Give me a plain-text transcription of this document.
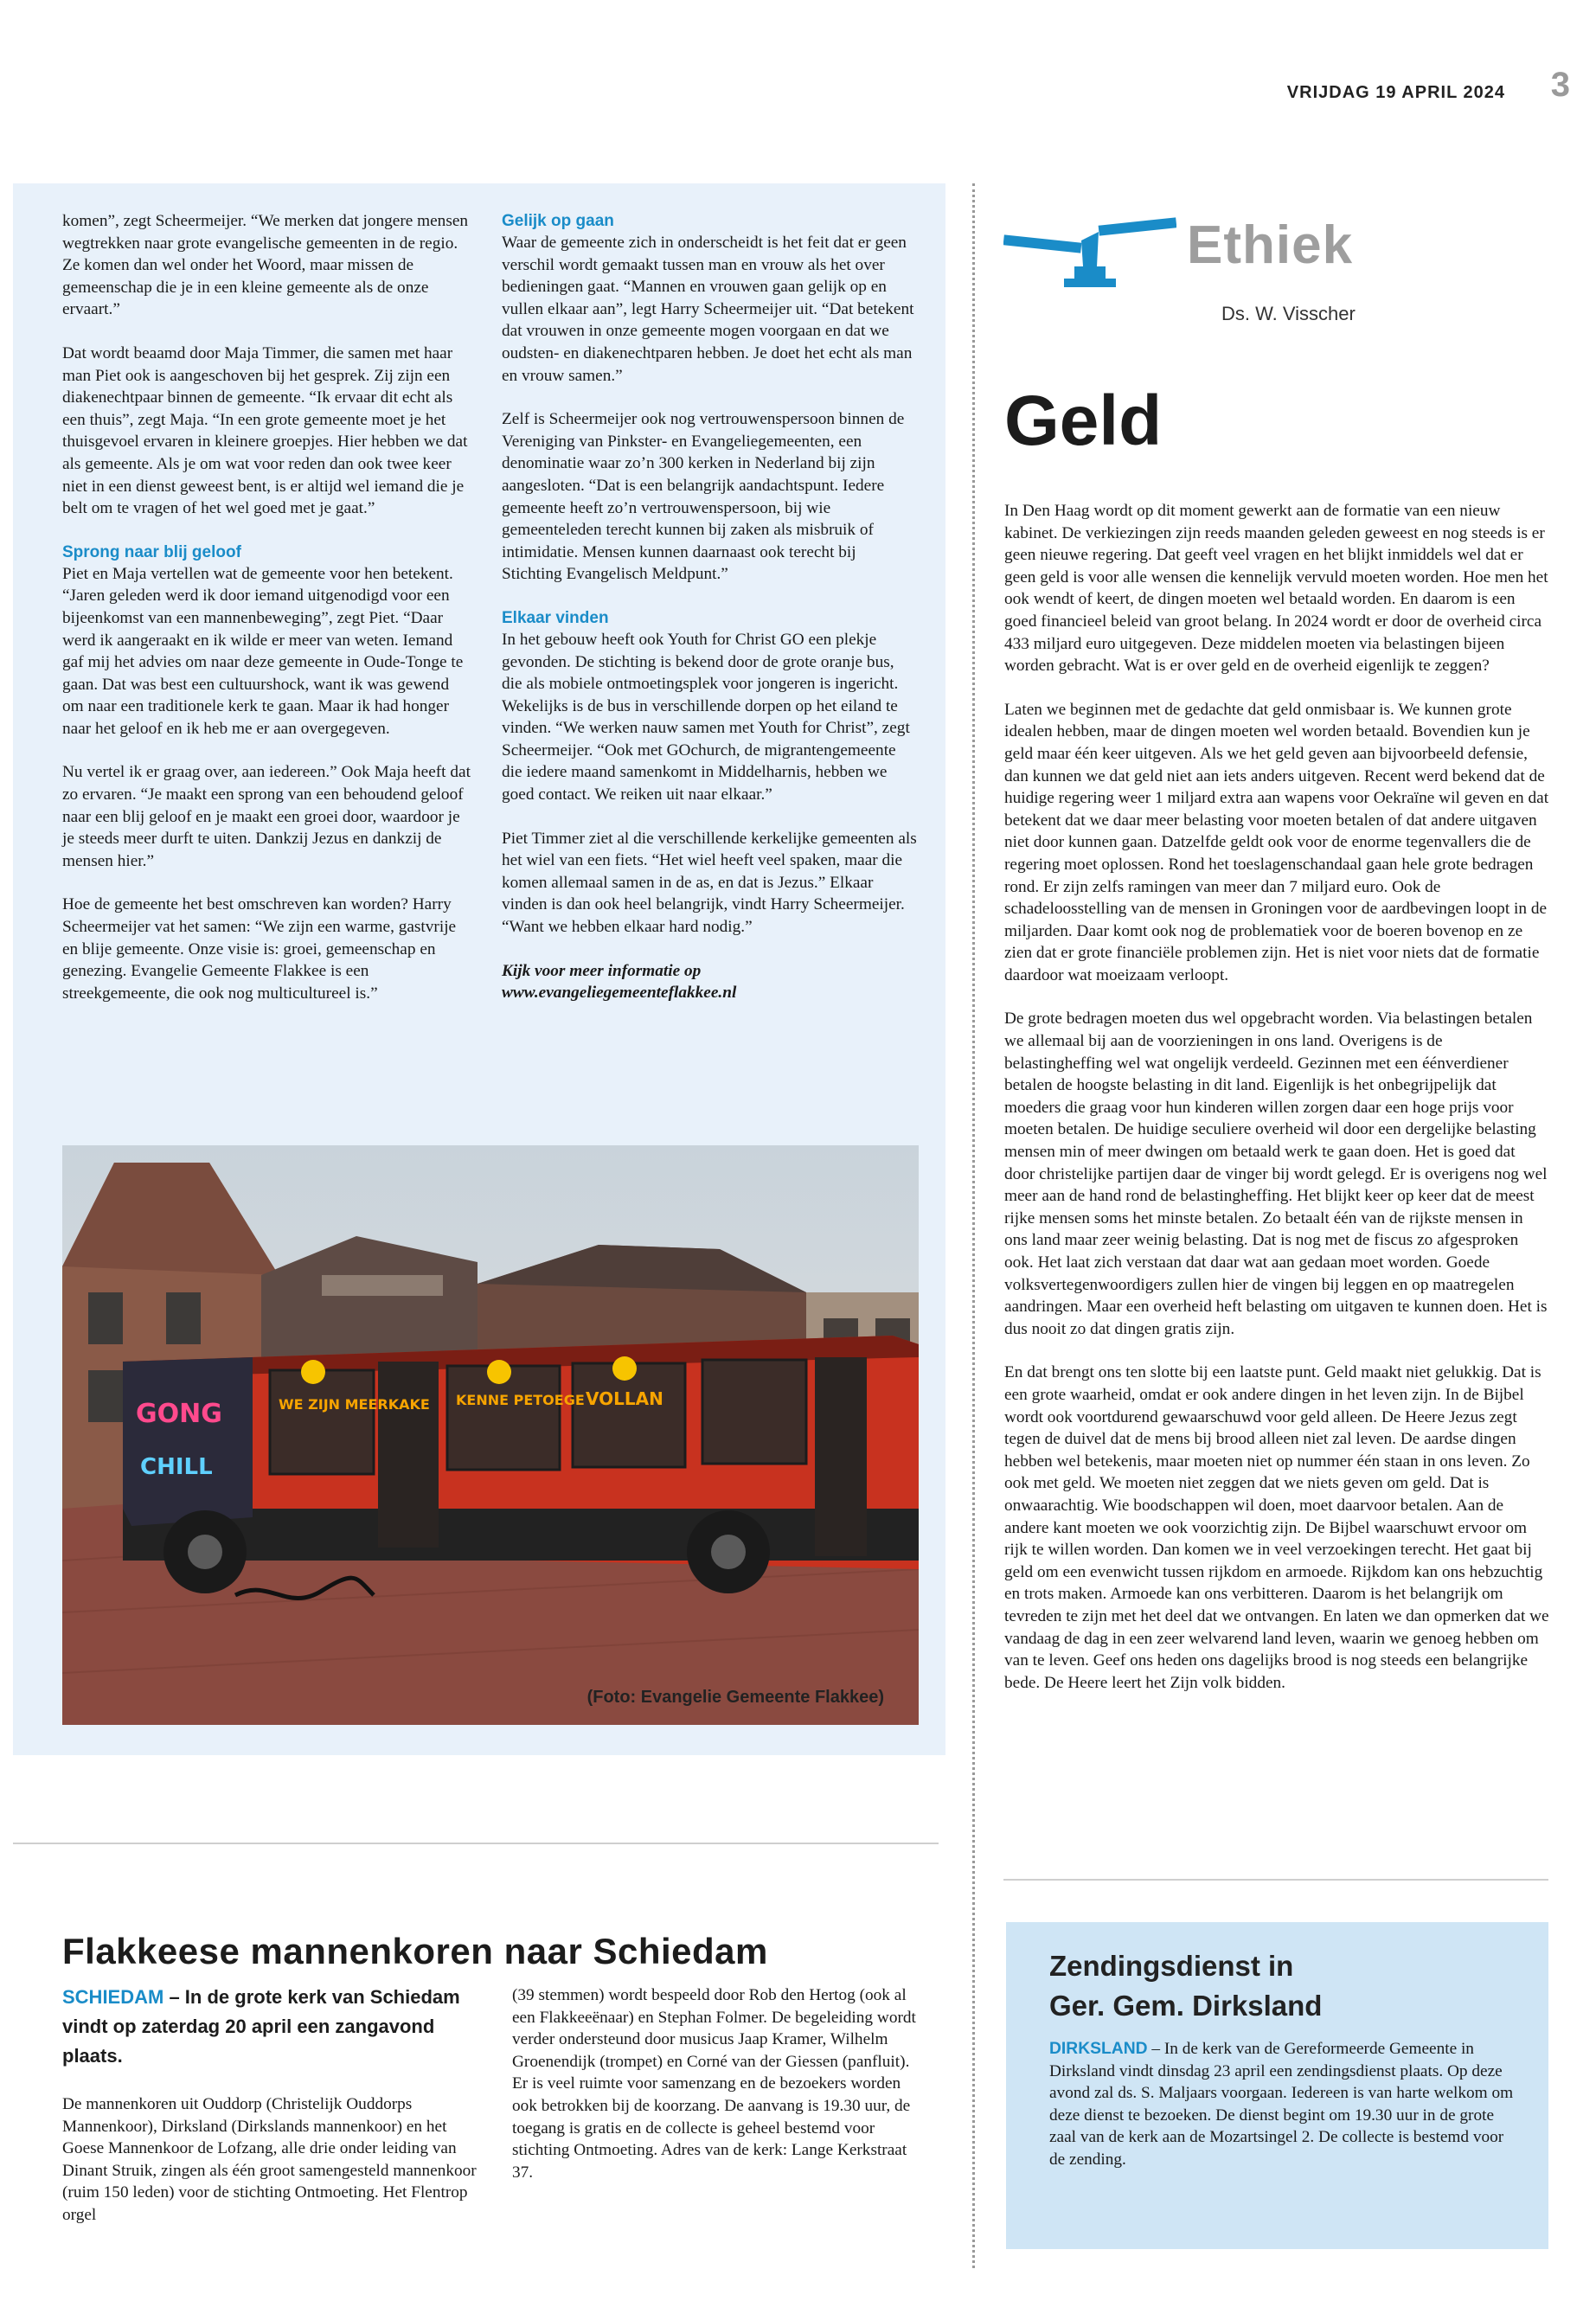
VRIJDAG 19 APRIL 2024 3

komen”, zegt Scheermeijer. “We merken dat jongere mensen wegtrekken naar grote evangelische gemeenten in de regio. Ze komen dan wel onder het Woord, maar missen de gemeenschap die je in een kleine gemeente als de onze ervaart.”

Dat wordt beaamd door Maja Timmer, die samen met haar man Piet ook is aangeschoven bij het gesprek. Zij zijn een diakenechtpaar binnen de gemeente. “Ik ervaar dit echt als een thuis”, zegt Maja. “In een grote gemeente moet je het thuisgevoel ervaren in kleinere groepjes. Hier hebben we dat als gemeente. Als je om wat voor reden dan ook twee keer niet in een dienst geweest bent, is er altijd wel iemand die je belt om te vragen of het wel goed met je gaat.”

Sprong naar blij geloof

Piet en Maja vertellen wat de gemeente voor hen betekent. “Jaren geleden werd ik door iemand uitgenodigd voor een bijeenkomst van een mannenbeweging”, zegt Piet. “Daar werd ik aangeraakt en ik wilde er meer van weten. Iemand gaf mij het advies om naar deze gemeente in Oude-Tonge te gaan. Dat was best een cultuurshock, want ik was gewend om naar een traditionele kerk te gaan. Maar ik had honger naar het geloof en ik heb me er aan overgegeven.

Nu vertel ik er graag over, aan iedereen.” Ook Maja heeft dat zo ervaren. “Je maakt een sprong van een behoudend geloof naar een blij geloof en je maakt een groei door, waardoor je je steeds meer durft te uiten. Dankzij Jezus en dankzij de mensen hier.”

Hoe de gemeente het best omschreven kan worden? Harry Scheermeijer vat het samen: “We zijn een warme, gastvrije en blije gemeente. Onze visie is: groei, gemeenschap en genezing. Evangelie Gemeente Flakkee is een streekgemeente, die ook nog multicultureel is.”

Gelijk op gaan

Waar de gemeente zich in onderscheidt is het feit dat er geen verschil wordt gemaakt tussen man en vrouw als het over bedieningen gaat. “Mannen en vrouwen gaan gelijk op en vullen elkaar aan”, legt Harry Scheermeijer uit. “Dat betekent dat vrouwen in onze gemeente mogen voorgaan en dat we oudsten- en diakenechtparen hebben. Je doet het echt als man en vrouw samen.”

Zelf is Scheermeijer ook nog vertrouwenspersoon binnen de Vereniging van Pinkster- en Evangeliegemeenten, een denominatie waar zo’n 300 kerken in Nederland bij zijn aangesloten. “Dat is een belangrijk aandachtspunt. Iedere gemeente heeft zo’n vertrouwenspersoon, bij wie gemeenteleden terecht kunnen bij zaken als misbruik of intimidatie. Mensen kunnen daarnaast ook terecht bij Stichting Evangelisch Meldpunt.”

Elkaar vinden

In het gebouw heeft ook Youth for Christ GO een plekje gevonden. De stichting is bekend door de grote oranje bus, die als mobiele ontmoetingsplek voor jongeren is ingericht. Wekelijks is de bus in verschillende dorpen op het eiland te vinden. “We werken nauw samen met Youth for Christ”, zegt Scheermeijer. “Ook met GOchurch, de migrantengemeente die iedere maand samenkomt in Middelharnis, hebben we goed contact. We reiken uit naar elkaar.”

Piet Timmer ziet al die verschillende kerkelijke gemeenten als het wiel van een fiets. “Het wiel heeft veel spaken, maar die komen allemaal samen in de as, en dat is Jezus.” Elkaar vinden is dan ook heel belangrijk, vindt Harry Scheermeijer. “Want we hebben elkaar hard nodig.”

Kijk voor meer informatie op
www.evangeliegemeenteflakkee.nl
GONG
CHILL
WE ZIJN MEERKAKE KENNE PETOEGE VOLLAN
(Foto: Evangelie Gemeente Flakkee)
Ethiek
Ds. W. Visscher
Geld

In Den Haag wordt op dit moment gewerkt aan de formatie van een nieuw kabinet. De verkiezingen zijn reeds maanden geleden geweest en nog steeds is er geen nieuwe regering. Dat geeft veel vragen en het blijkt inmiddels wel dat er geen geld is voor alle wensen die kennelijk vervuld moeten worden. Hoe men het ook wendt of keert, de dingen moeten wel betaald worden. En daarom is een goed financieel beleid van groot belang. In 2024 wordt er door de overheid circa 433 miljard euro uitgegeven. Deze middelen moeten via belastingen bijeen worden gebracht. Wat is er over geld en de overheid eigenlijk te zeggen?

Laten we beginnen met de gedachte dat geld onmisbaar is. We kunnen grote idealen hebben, maar de dingen moeten wel worden betaald. Bovendien kun je geld maar één keer uitgeven. Als we het geld geven aan bijvoorbeeld defensie, dan kunnen we dat geld niet aan iets anders uitgeven. Recent werd bekend dat de huidige regering weer 1 miljard extra aan wapens voor Oekraïne wil geven en dat betekent dat we daar meer belasting voor moeten betalen of dat andere uitgaven niet door kunnen gaan. Datzelfde geldt ook voor de enorme tegenvallers die de regering moet oplossen. Rond het toeslagenschandaal gaan hele grote bedragen rond. Er zijn zelfs ramingen van meer dan 7 miljard euro. Ook de schadeloosstelling van de mensen in Groningen voor de aardbevingen loopt in de miljarden. Daar komt ook nog de problematiek voor de boeren bovenop en ze zien dat er grote financiële problemen zijn. Het is niet voor niets dat de formatie daardoor wat moeizaam verloopt.

De grote bedragen moeten dus wel opgebracht worden. Via belastingen betalen we allemaal bij aan de voorzieningen in ons land. Overigens is de belastingheffing wel wat ongelijk verdeeld. Gezinnen met een éénverdiener betalen de hoogste belasting in dit land. Eigenlijk is het onbegrijpelijk dat moeders die graag voor hun kinderen willen zorgen daar een hoge prijs voor moeten betalen. De huidige seculiere overheid wil door een dergelijke belasting mensen min of meer dwingen om betaald werk te gaan doen. Het is goed dat door christelijke partijen daar de vinger bij wordt gelegd. Er is overigens nog wel meer aan de hand rond de belastingheffing. Het blijkt keer op keer dat de meest rijke mensen soms het minste betalen. Zo betaalt één van de rijkste mensen in ons land maar zeer weinig belasting. Dat is nog met de fiscus zo afgesproken ook. Het laat zich verstaan dat daar wat aan gedaan moet worden. Goede volksvertegenwoordigers zullen hier de vingen bij leggen en op maatregelen aandringen. Maar een overheid heft belasting om uitgaven te kunnen doen. Het is dus nooit zo dat dingen gratis zijn.

En dat brengt ons ten slotte bij een laatste punt. Geld maakt niet gelukkig. Dat is een grote waarheid, omdat er ook andere dingen in het leven zijn. In de Bijbel wordt ook voortdurend gewaarschuwd voor geld alleen. De Heere Jezus zegt tegen de duivel dat de mens bij brood alleen niet zal leven. De aardse dingen hebben wel betekenis, maar moeten niet op nummer één staan in ons leven. Zo ook met geld. We moeten niet zeggen dat we niets geven om geld. Dat is onwaarachtig. Wie boodschappen wil doen, moet daarvoor betalen. Aan de andere kant moeten we ook voorzichtig zijn. De Bijbel waarschuwt ervoor om rijk te willen worden. Dan komen we in veel verzoekingen terecht. Het gaat bij geld om een evenwicht tussen rijkdom en armoede. Rijkdom kan ons hebzuchtig en trots maken. Armoede kan ons verbitteren. Daarom is het belangrijk om tevreden te zijn met het deel dat we ontvangen. En laten we dan opmerken dat we vandaag de dag in een zeer welvarend land leven, waarin we genoeg hebben om van te leven. Geef ons heden ons dagelijks brood is nog steeds een belangrijke bede. De Heere leert het Zijn volk bidden.

Flakkeese mannenkoren naar Schiedam
SCHIEDAM – In de grote kerk van Schiedam vindt op zaterdag 20 april een zangavond plaats.

De mannenkoren uit Ouddorp (Christelijk Ouddorps Mannenkoor), Dirksland (Dirkslands mannenkoor) en het Goese Mannenkoor de Lofzang, alle drie onder leiding van Dinant Struik, zingen als één groot samengesteld mannenkoor (ruim 150 leden) voor de stichting Ontmoeting. Het Flentrop orgel

(39 stemmen) wordt bespeeld door Rob den Hertog (ook al een Flakkeeënaar) en Stephan Folmer. De begeleiding wordt verder ondersteund door musicus Jaap Kramer, Wilhelm Groenendijk (trompet) en Corné van der Giessen (panfluit). Er is veel ruimte voor samenzang en de bezoekers worden ook betrokken bij de koorzang. De aanvang is 19.30 uur, de toegang is gratis en de collecte is geheel bestemd voor stichting Ontmoeting. Adres van de kerk: Lange Kerkstraat 37.

Zendingsdienst in
Ger. Gem. Dirksland
DIRKSLAND – In de kerk van de Gereformeerde Gemeente in Dirksland vindt dinsdag 23 april een zendingsdienst plaats. Op deze avond zal ds. S. Maljaars voorgaan. Iedereen is van harte welkom om deze dienst te bezoeken. De dienst begint om 19.30 uur in de grote zaal van de kerk aan de Mozartsingel 2. De collecte is bestemd voor de zending.
